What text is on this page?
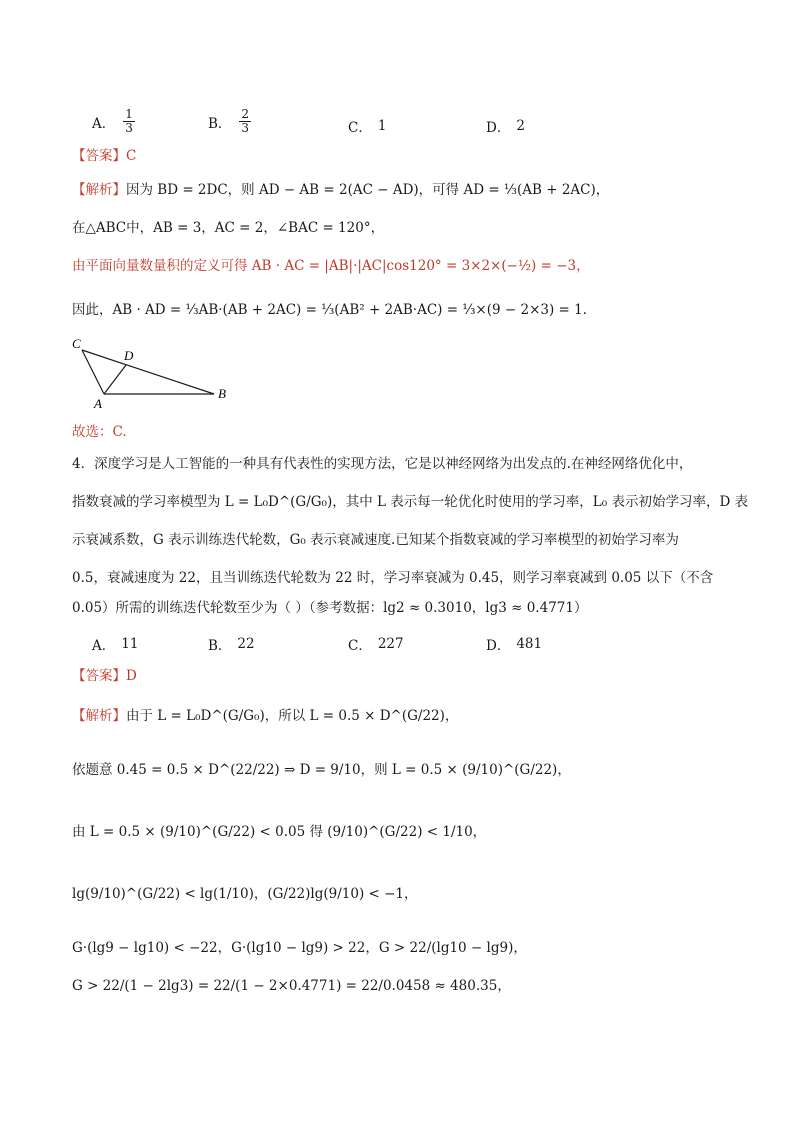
A． $\frac{1}{3}$	B． $\frac{2}{3}$	C． 1	D． 2
【答案】C
【解析】因为 BD = 2DC，则 AD − AB = 2(AC − AD)，可得 AD = ⅓(AB + 2AC)，
在△ABC中，AB = 3，AC = 2，∠BAC = 120°，
由平面向量数量积的定义可得 AB · AC = |AB|·|AC|cos120° = 3×2×(−½) = −3，
因此，AB · AD = ⅓AB·(AB + 2AC) = ⅓(AB² + 2AB·AC) = ⅓×(9 − 2×3) = 1.
C
D
A
B
故选：C.
4．深度学习是人工智能的一种具有代表性的实现方法，它是以神经网络为出发点的.在神经网络优化中，
指数衰减的学习率模型为 L = L₀D^(G/G₀)，其中 L 表示每一轮优化时使用的学习率，L₀ 表示初始学习率，D 表
示衰减系数，G 表示训练迭代轮数，G₀ 表示衰减速度.已知某个指数衰减的学习率模型的初始学习率为
0.5，衰减速度为 22，且当训练迭代轮数为 22 时，学习率衰减为 0.45，则学习率衰减到 0.05 以下（不含
0.05）所需的训练迭代轮数至少为（ ）（参考数据：lg2 ≈ 0.3010，lg3 ≈ 0.4771）
A． 11	B． 22	C． 227	D． 481
【答案】D
【解析】由于 L = L₀D^(G/G₀)，所以 L = 0.5 × D^(G/22)，
依题意 0.45 = 0.5 × D^(22/22) ⇒ D = 9/10，则 L = 0.5 × (9/10)^(G/22)，
由 L = 0.5 × (9/10)^(G/22) < 0.05 得 (9/10)^(G/22) < 1/10，
lg(9/10)^(G/22) < lg(1/10)，(G/22)lg(9/10) < −1，
G·(lg9 − lg10) < −22，G·(lg10 − lg9) > 22，G > 22/(lg10 − lg9)，
G > 22/(1 − 2lg3) = 22/(1 − 2×0.4771) = 22/0.0458 ≈ 480.35，
